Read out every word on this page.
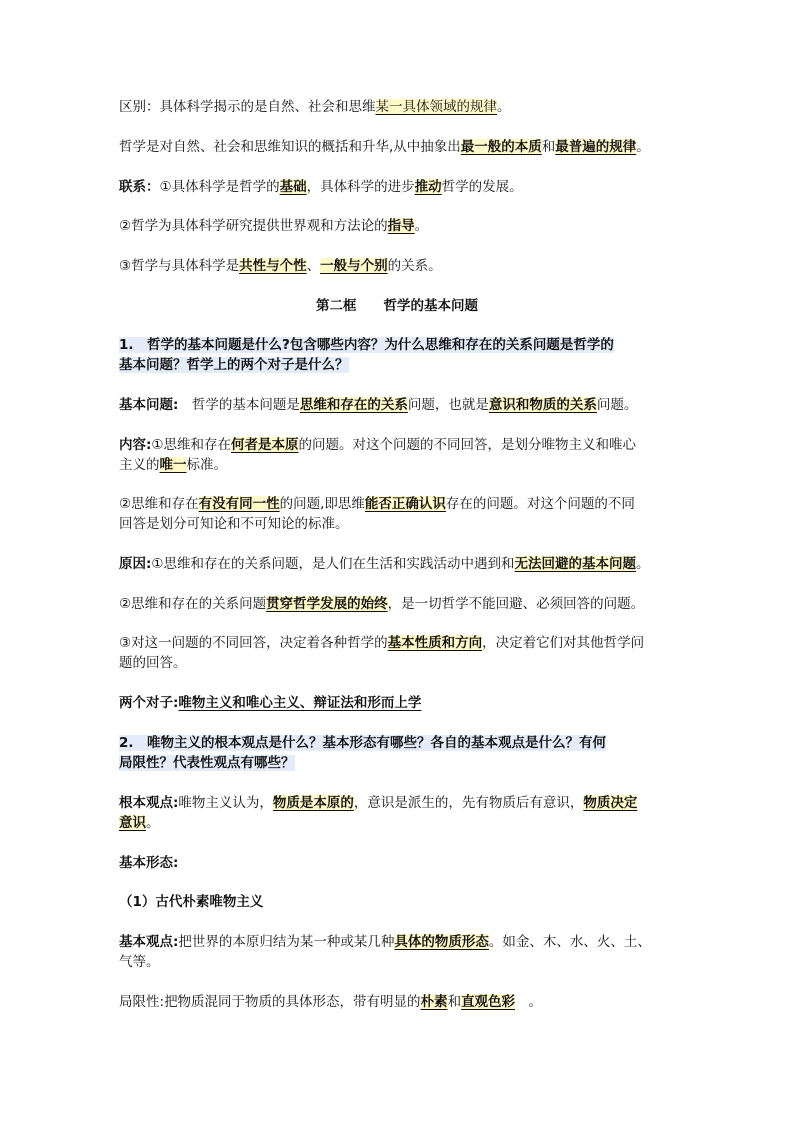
区别：具体科学揭示的是自然、社会和思维某一具体领域的规律。
哲学是对自然、社会和思维知识的概括和升华,从中抽象出最一般的本质和最普遍的规律。
联系：①具体科学是哲学的基础，具体科学的进步推动哲学的发展。
②哲学为具体科学研究提供世界观和方法论的指导。
③哲学与具体科学是共性与个性、一般与个别的关系。
第二框　　哲学的基本问题
1.　哲学的基本问题是什么?包含哪些内容？为什么思维和存在的关系问题是哲学的
基本问题？哲学上的两个对子是什么？
基本问题:　哲学的基本问题是思维和存在的关系问题，也就是意识和物质的关系问题。
内容:①思维和存在何者是本原的问题。对这个问题的不同回答，是划分唯物主义和唯心
主义的唯一标准。
②思维和存在有没有同一性的问题,即思维能否正确认识存在的问题。对这个问题的不同
回答是划分可知论和不可知论的标准。
原因:①思维和存在的关系问题，是人们在生活和实践活动中遇到和无法回避的基本问题。
②思维和存在的关系问题贯穿哲学发展的始终，是一切哲学不能回避、必须回答的问题。
③对这一问题的不同回答，决定着各种哲学的基本性质和方向，决定着它们对其他哲学问
题的回答。
两个对子:唯物主义和唯心主义、辩证法和形而上学
2.　唯物主义的根本观点是什么？基本形态有哪些？各自的基本观点是什么？有何
局限性？代表性观点有哪些？
根本观点:唯物主义认为，物质是本原的，意识是派生的，先有物质后有意识，物质决定
意识。
基本形态:
（1）古代朴素唯物主义
基本观点:把世界的本原归结为某一种或某几种具体的物质形态。如金、木、水、火、土、
气等。
局限性:把物质混同于物质的具体形态，带有明显的朴素和直观色彩　。
